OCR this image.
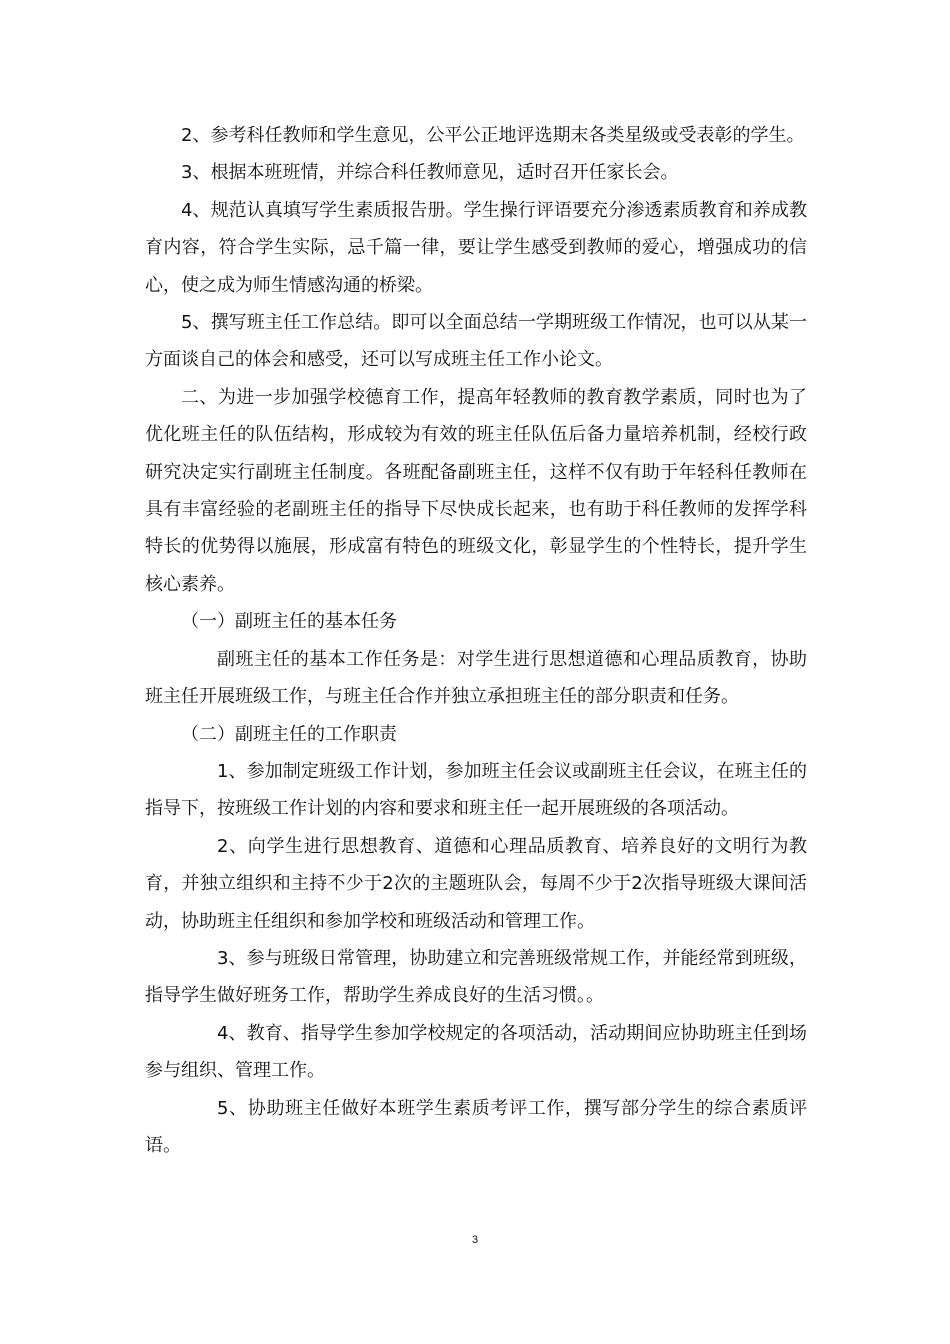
2、参考科任教师和学生意见，公平公正地评选期末各类星级或受表彰的学生。

3、根据本班班情，并综合科任教师意见，适时召开任家长会。

4、规范认真填写学生素质报告册。学生操行评语要充分渗透素质教育和养成教育内容，符合学生实际，忌千篇一律，要让学生感受到教师的爱心，增强成功的信心，使之成为师生情感沟通的桥梁。

5、撰写班主任工作总结。即可以全面总结一学期班级工作情况，也可以从某一方面谈自己的体会和感受，还可以写成班主任工作小论文。

二、为进一步加强学校德育工作，提高年轻教师的教育教学素质，同时也为了优化班主任的队伍结构，形成较为有效的班主任队伍后备力量培养机制，经校行政研究决定实行副班主任制度。各班配备副班主任，这样不仅有助于年轻科任教师在具有丰富经验的老副班主任的指导下尽快成长起来，也有助于科任教师的发挥学科特长的优势得以施展，形成富有特色的班级文化，彰显学生的个性特长，提升学生核心素养。

（一）副班主任的基本任务

副班主任的基本工作任务是：对学生进行思想道德和心理品质教育，协助班主任开展班级工作，与班主任合作并独立承担班主任的部分职责和任务。

（二）副班主任的工作职责

1、参加制定班级工作计划，参加班主任会议或副班主任会议，在班主任的指导下，按班级工作计划的内容和要求和班主任一起开展班级的各项活动。

2、向学生进行思想教育、道德和心理品质教育、培养良好的文明行为教育，并独立组织和主持不少于2次的主题班队会，每周不少于2次指导班级大课间活动，协助班主任组织和参加学校和班级活动和管理工作。

3、参与班级日常管理，协助建立和完善班级常规工作，并能经常到班级，指导学生做好班务工作，帮助学生养成良好的生活习惯。。

4、教育、指导学生参加学校规定的各项活动，活动期间应协助班主任到场参与组织、管理工作。

5、协助班主任做好本班学生素质考评工作，撰写部分学生的综合素质评语。

3
